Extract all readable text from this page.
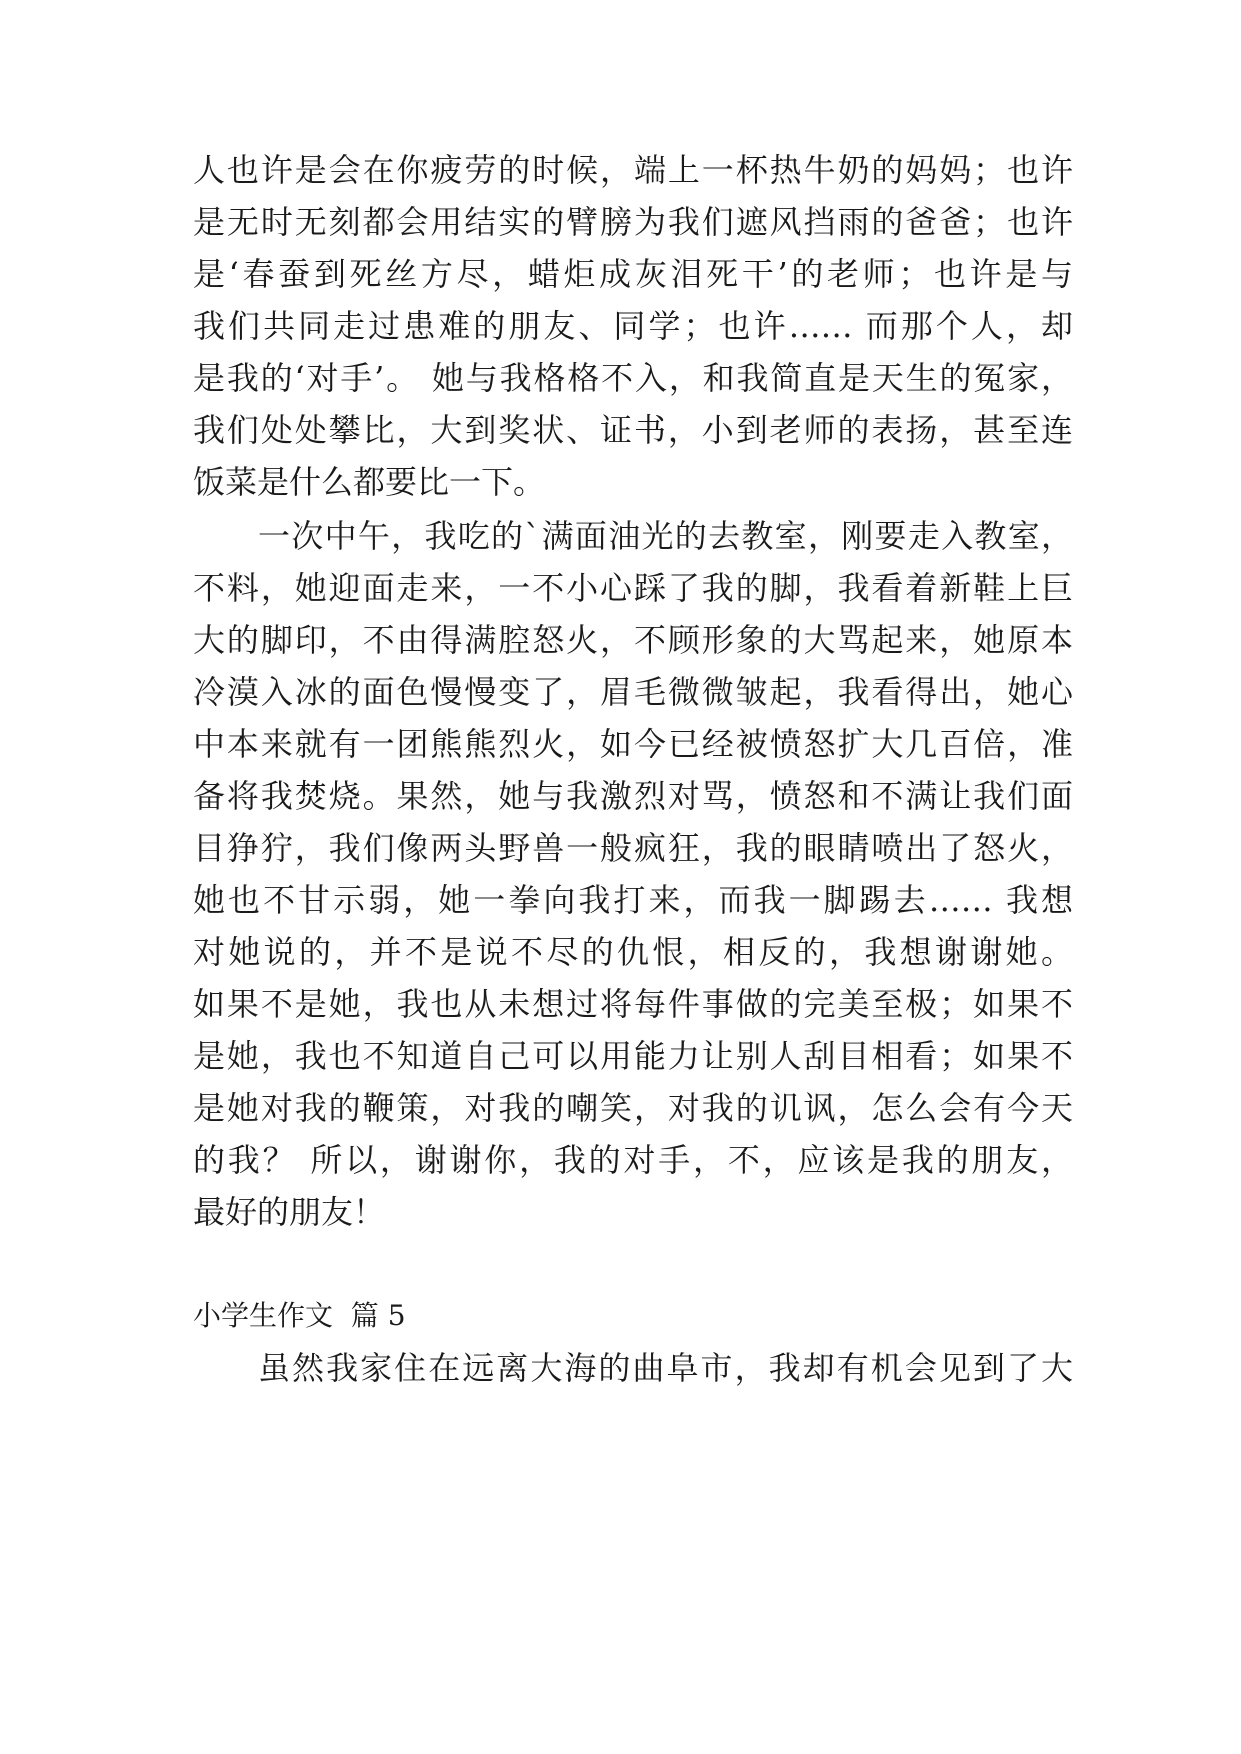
人也许是会在你疲劳的时候，端上一杯热牛奶的妈妈；也许
是无时无刻都会用结实的臂膀为我们遮风挡雨的爸爸；也许
是‘春蚕到死丝方尽，蜡炬成灰泪死干’的老师；也许是与
我们共同走过患难的朋友、同学；也许…… 而那个人，却
是我的‘对手’。 她与我格格不入，和我简直是天生的冤家，
我们处处攀比，大到奖状、证书，小到老师的表扬，甚至连
饭菜是什么都要比一下。
一次中午，我吃的`满面油光的去教室，刚要走入教室，
不料，她迎面走来，一不小心踩了我的脚，我看着新鞋上巨
大的脚印，不由得满腔怒火，不顾形象的大骂起来，她原本
冷漠入冰的面色慢慢变了，眉毛微微皱起，我看得出，她心
中本来就有一团熊熊烈火，如今已经被愤怒扩大几百倍，准
备将我焚烧。果然，她与我激烈对骂，愤怒和不满让我们面
目狰狞，我们像两头野兽一般疯狂，我的眼睛喷出了怒火，
她也不甘示弱，她一拳向我打来，而我一脚踢去…… 我想
对她说的，并不是说不尽的仇恨，相反的，我想谢谢她。
如果不是她，我也从未想过将每件事做的完美至极；如果不
是她，我也不知道自己可以用能力让别人刮目相看；如果不
是她对我的鞭策，对我的嘲笑，对我的讥讽，怎么会有今天
的我？ 所以，谢谢你，我的对手，不，应该是我的朋友，
最好的朋友！
小学生作文  篇 5
虽然我家住在远离大海的曲阜市，我却有机会见到了大
